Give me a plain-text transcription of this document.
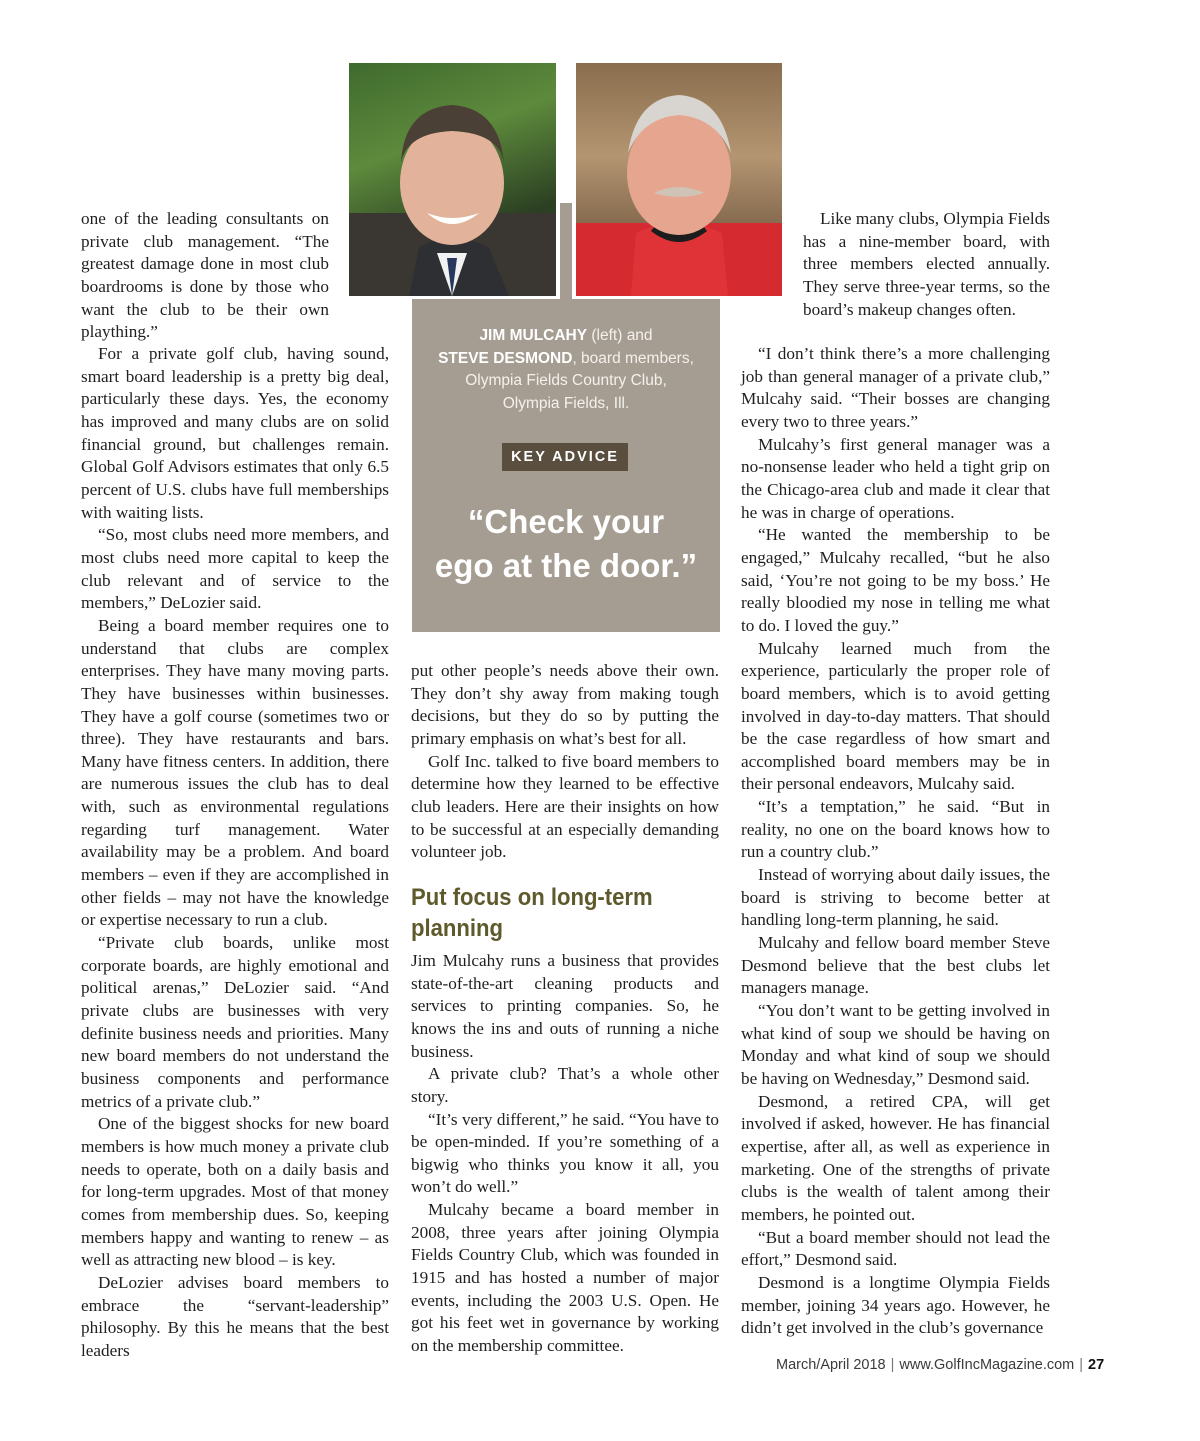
JIM MULCAHY (left) and
STEVE DESMOND, board members,
Olympia Fields Country Club,
Olympia Fields, Ill.
KEY ADVICE
“Check your
ego at the door.”

one of the leading consultants on private club management. “The greatest damage done in most club boardrooms is done by those who want the club to be their own plaything.”

For a private golf club, having sound, smart board leadership is a pretty big deal, particularly these days. Yes, the economy has improved and many clubs are on solid financial ground, but challenges remain. Global Golf Advisors estimates that only 6.5 percent of U.S. clubs have full memberships with waiting lists.

“So, most clubs need more members, and most clubs need more capital to keep the club relevant and of service to the members,” DeLozier said.

Being a board member requires one to understand that clubs are complex enterprises. They have many moving parts. They have businesses within businesses. They have a golf course (sometimes two or three). They have restaurants and bars. Many have fitness centers. In addition, there are numerous issues the club has to deal with, such as environmental regulations regarding turf management. Water availability may be a problem. And board members – even if they are accomplished in other fields – may not have the knowledge or expertise necessary to run a club.

“Private club boards, unlike most corporate boards, are highly emotional and political arenas,” DeLozier said. “And private clubs are businesses with very definite business needs and priorities. Many new board members do not understand the business components and performance metrics of a private club.”

One of the biggest shocks for new board members is how much money a private club needs to operate, both on a daily basis and for long-term upgrades. Most of that money comes from membership dues. So, keeping members happy and wanting to renew – as well as attracting new blood – is key.

DeLozier advises board members to embrace the “servant-leadership” philosophy. By this he means that the best leaders

put other people’s needs above their own. They don’t shy away from making tough decisions, but they do so by putting the primary emphasis on what’s best for all.

Golf Inc. talked to five board members to determine how they learned to be effective club leaders. Here are their insights on how to be successful at an especially demanding volunteer job.

Put focus on long-term planning

Jim Mulcahy runs a business that provides state-of-the-art cleaning products and services to printing companies. So, he knows the ins and outs of running a niche business.

A private club? That’s a whole other story.

“It’s very different,” he said. “You have to be open-minded. If you’re something of a bigwig who thinks you know it all, you won’t do well.”

Mulcahy became a board member in 2008, three years after joining Olympia Fields Country Club, which was founded in 1915 and has hosted a number of major events, including the 2003 U.S. Open. He got his feet wet in governance by working on the membership committee.

Like many clubs, Olympia Fields has a nine-member board, with three members elected annually. They serve three-year terms, so the board’s makeup changes often.

“I don’t think there’s a more challenging job than general manager of a private club,” Mulcahy said. “Their bosses are changing every two to three years.”

Mulcahy’s first general manager was a no-nonsense leader who held a tight grip on the Chicago-area club and made it clear that he was in charge of operations.

“He wanted the membership to be engaged,” Mulcahy recalled, “but he also said, ‘You’re not going to be my boss.’ He really bloodied my nose in telling me what to do. I loved the guy.”

Mulcahy learned much from the experience, particularly the proper role of board members, which is to avoid getting involved in day-to-day matters. That should be the case regardless of how smart and accomplished board members may be in their personal endeavors, Mulcahy said.

“It’s a temptation,” he said. “But in reality, no one on the board knows how to run a country club.”

Instead of worrying about daily issues, the board is striving to become better at handling long-term planning, he said.

Mulcahy and fellow board member Steve Desmond believe that the best clubs let managers manage.

“You don’t want to be getting involved in what kind of soup we should be having on Monday and what kind of soup we should be having on Wednesday,” Desmond said.

Desmond, a retired CPA, will get involved if asked, however. He has financial expertise, after all, as well as experience in marketing. One of the strengths of private clubs is the wealth of talent among their members, he pointed out.

“But a board member should not lead the effort,” Desmond said.

Desmond is a longtime Olympia Fields member, joining 34 years ago. However, he didn’t get involved in the club’s governance

March/April 2018 | www.GolfIncMagazine.com | 27
